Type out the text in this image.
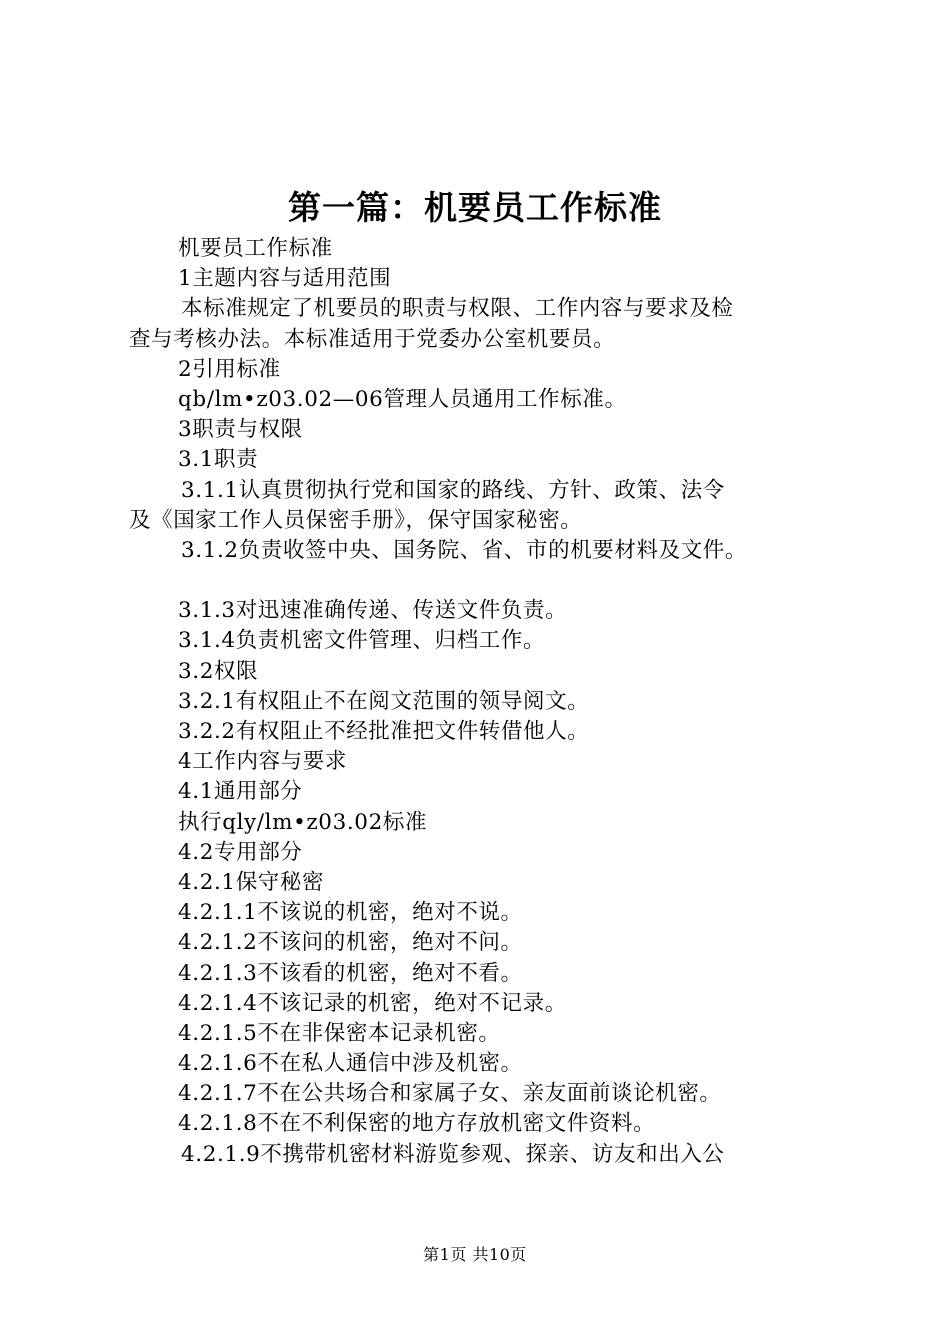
第一篇：机要员工作标准
机要员工作标准
1主题内容与适用范围
本标准规定了机要员的职责与权限、工作内容与要求及检
查与考核办法。本标准适用于党委办公室机要员。
2引用标准
qb/lm•z03.02—06管理人员通用工作标准。
3职责与权限
3.1职责
3.1.1认真贯彻执行党和国家的路线、方针、政策、法令
及《国家工作人员保密手册》，保守国家秘密。
3.1.2负责收签中央、国务院、省、市的机要材料及文件。
3.1.3对迅速准确传递、传送文件负责。
3.1.4负责机密文件管理、归档工作。
3.2权限
3.2.1有权阻止不在阅文范围的领导阅文。
3.2.2有权阻止不经批准把文件转借他人。
4工作内容与要求
4.1通用部分
执行qly/lm•z03.02标准
4.2专用部分
4.2.1保守秘密
4.2.1.1不该说的机密，绝对不说。
4.2.1.2不该问的机密，绝对不问。
4.2.1.3不该看的机密，绝对不看。
4.2.1.4不该记录的机密，绝对不记录。
4.2.1.5不在非保密本记录机密。
4.2.1.6不在私人通信中涉及机密。
4.2.1.7不在公共场合和家属子女、亲友面前谈论机密。
4.2.1.8不在不利保密的地方存放机密文件资料。
4.2.1.9不携带机密材料游览参观、探亲、访友和出入公
第1页 共10页
